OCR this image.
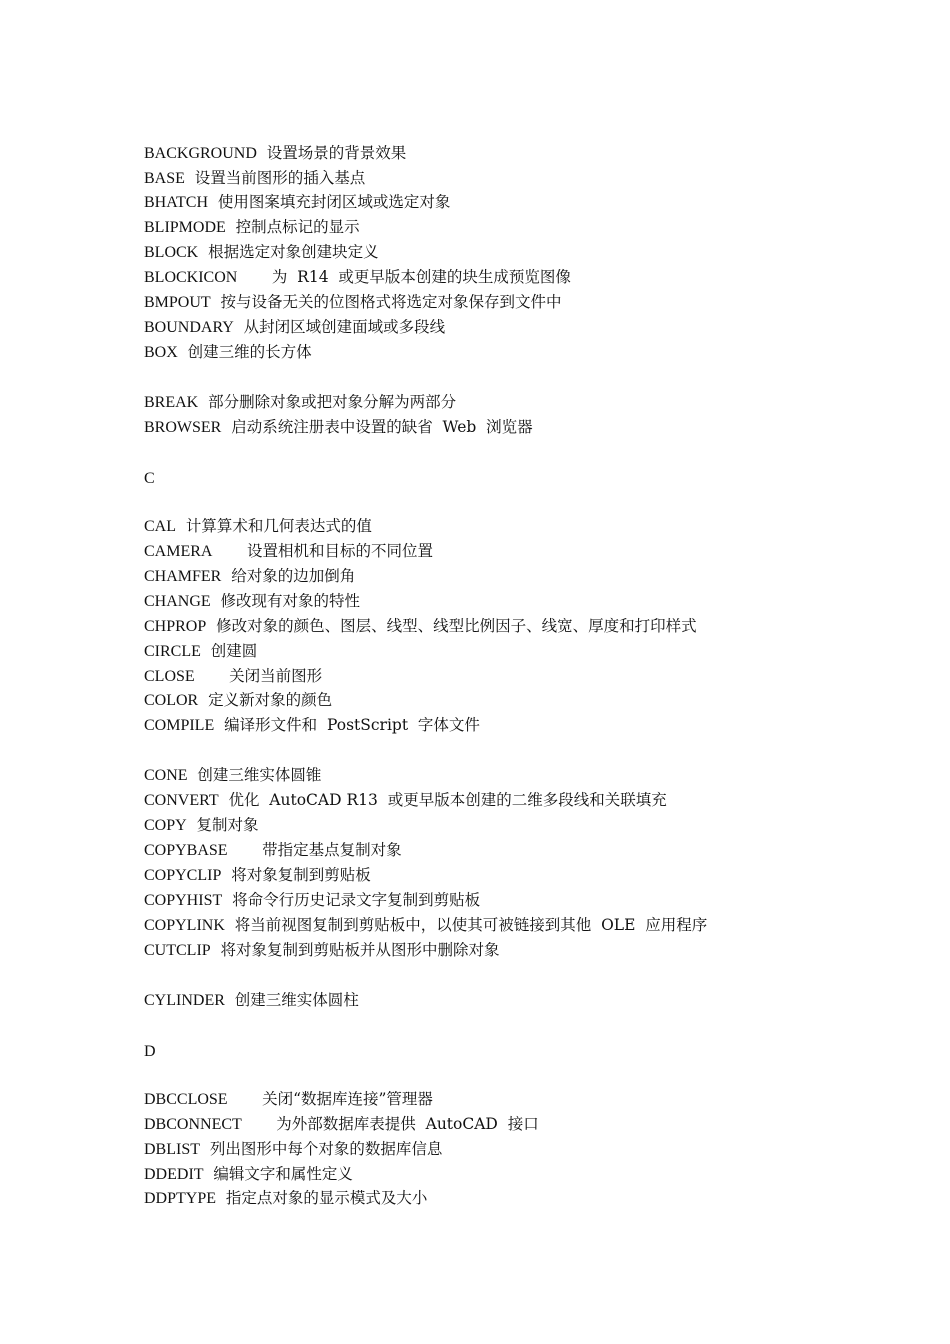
BACKGROUND  设置场景的背景效果
BASE  设置当前图形的插入基点
BHATCH  使用图案填充封闭区域或选定对象
BLIPMODE  控制点标记的显示
BLOCK  根据选定对象创建块定义
BLOCKICON       为  R14  或更早版本创建的块生成预览图像
BMPOUT  按与设备无关的位图格式将选定对象保存到文件中
BOUNDARY  从封闭区域创建面域或多段线
BOX  创建三维的长方体
BREAK  部分删除对象或把对象分解为两部分
BROWSER  启动系统注册表中设置的缺省  Web  浏览器
C
CAL  计算算术和几何表达式的值
CAMERA       设置相机和目标的不同位置
CHAMFER  给对象的边加倒角
CHANGE  修改现有对象的特性
CHPROP  修改对象的颜色、图层、线型、线型比例因子、线宽、厚度和打印样式
CIRCLE  创建圆
CLOSE       关闭当前图形
COLOR  定义新对象的颜色
COMPILE  编译形文件和  PostScript  字体文件
CONE  创建三维实体圆锥
CONVERT  优化  AutoCAD R13  或更早版本创建的二维多段线和关联填充
COPY  复制对象
COPYBASE       带指定基点复制对象
COPYCLIP  将对象复制到剪贴板
COPYHIST  将命令行历史记录文字复制到剪贴板
COPYLINK  将当前视图复制到剪贴板中，以使其可被链接到其他  OLE  应用程序
CUTCLIP  将对象复制到剪贴板并从图形中删除对象
CYLINDER  创建三维实体圆柱
D
DBCCLOSE       关闭“数据库连接”管理器
DBCONNECT       为外部数据库表提供  AutoCAD  接口
DBLIST  列出图形中每个对象的数据库信息
DDEDIT  编辑文字和属性定义
DDPTYPE  指定点对象的显示模式及大小
